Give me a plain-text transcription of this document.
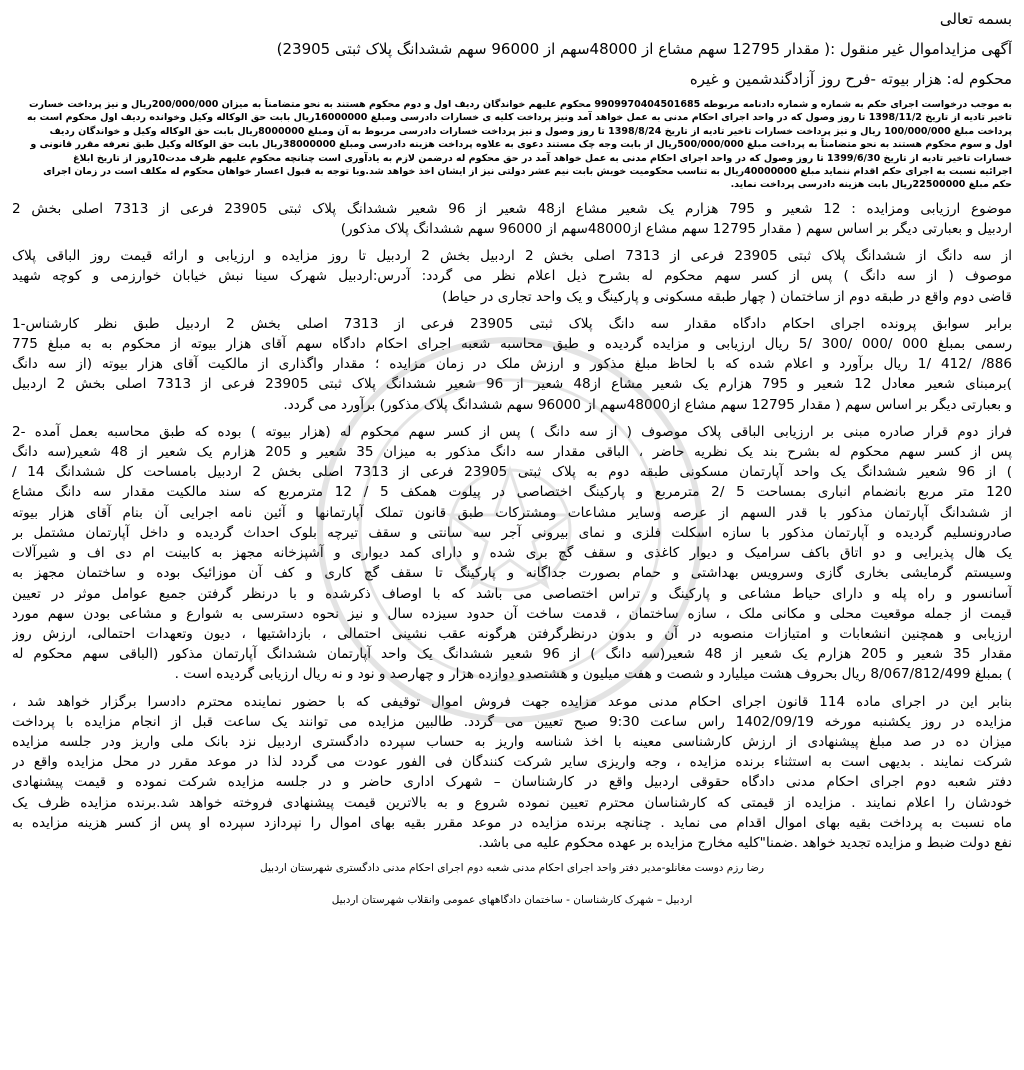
بسمه تعالی
آگهی مزایداموال غیر منقول :( مقدار 12795 سهم مشاع از 48000سهم از 96000 سهم ششدانگ پلاک ثبتی 23905)
محکوم له: هزار بیوته -فرح روز آزادگندشمین و غیره
به موجب درخواست اجرای حکم به شماره و شماره دادنامه مربوطه 9909970404501685 محکوم علیهم خواندگان ردیف اول و دوم محکوم هستند به نحو متضامناً به میزان 200/000/000ریال و نیز پرداخت خسارت
تاخیر تادیه از تاریخ 1398/11/2 تا روز وصول که در واحد اجرای احکام مدنی به عمل خواهد آمد ونیز پرداخت کلیه ی خسارات دادرسی ومبلغ 16000000ریال بابت حق الوکاله وکیل وخوانده ردیف اول محکوم است به
پرداخت مبلغ 100/000/000 ریال و نیز پرداخت خسارات تاخیر تادیه از تاریخ 1398/8/24 تا روز وصول و نیز پرداخت خسارات دادرسی مربوط به آن ومبلغ 8000000ریال بابت حق الوکاله وکیل و خواندگان ردیف
اول و سوم محکوم هستند به نحو متضامناً به پرداخت مبلغ 500/000/000ریال از بابت وجه چک مستند دعوی به علاوه پرداخت هزینه دادرسی ومبلغ 38000000ریال بابت حق الوکاله وکیل طبق تعرفه مقرر قانونی و
خسارات تاخیر تادیه از تاریخ 1399/6/30 تا روز وصول که در واحد اجرای احکام مدنی به عمل خواهد آمد در حق محکوم له درضمن لازم به یادآوری است چنانچه محکوم علیهم ظرف مدت10روز از تاریخ ابلاغ
اجرائیه نسبت به اجرای حکم اقدام ننماید مبلغ 40000000ریال به تناسب محکومیت خویش بابت نیم عشر دولتی نیز از ایشان اخذ خواهد شد.وبا توجه به قبول اعسار خواهان محکوم له مکلف است در زمان اجرای
حکم مبلغ 22500000ریال بابت هزینه دادرسی پرداخت نماید.
موضوع ارزیابی ومزایده : 12 شعیر و 795 هزارم یک شعیر مشاع از48 شعیر از 96 شعیر ششدانگ پلاک ثبتی 23905 فرعی از 7313 اصلی بخش 2
اردبیل و بعبارتی دیگر بر اساس سهم ( مقدار 12795 سهم مشاع از48000سهم از 96000 سهم ششدانگ پلاک مذکور)
از سه دانگ از ششدانگ پلاک ثبتی 23905 فرعی از 7313 اصلی بخش 2 اردبیل بخش 2 اردبیل تا روز مزایده و ارزیابی و ارائه قیمت روز الباقی پلاک
موصوف ( از سه دانگ ) پس از کسر سهم محکوم له بشرح ذیل اعلام نظر می گردد: آدرس:اردبیل شهرک سینا نبش خیابان خوارزمی و کوچه شهید
قاضی دوم واقع در طبقه دوم از ساختمان ( چهار طبقه مسکونی و پارکینگ و یک واحد تجاری در حیاط)
برابر سوابق پرونده اجرای احکام دادگاه مقدار سه دانگ پلاک ثبتی 23905 فرعی از 7313 اصلی بخش 2 اردبیل طبق نظر کارشناس-1
رسمی بمبلغ 000 /000 /300 /5 ریال ارزیابی و مزایده گردیده و طبق محاسبه شعبه اجرای احکام دادگاه سهم آقای هزار بیوته از محکوم به به مبلغ 775
886/ /412 /1 ریال برآورد و اعلام شده که با لحاظ مبلغ مذکور و ارزش ملک در زمان مزایده ؛ مقدار واگذاری از مالکیت آقای هزار بیوته (از سه دانگ
)برمبنای شعیر معادل 12 شعیر و 795 هزارم یک شعیر مشاع از48 شعیر از 96 شعیر ششدانگ پلاک ثبتی 23905 فرعی از 7313 اصلی بخش 2 اردبیل
و بعبارتی دیگر بر اساس سهم ( مقدار 12795 سهم مشاع از48000سهم از 96000 سهم ششدانگ پلاک مذکور) برآورد می گردد.
فراز دوم قرار صادره مبنی بر ارزیابی الباقی پلاک موصوف ( از سه دانگ ) پس از کسر سهم محکوم له (هزار بیوته ) بوده که طبق محاسبه بعمل آمده -2
پس از کسر سهم محکوم له بشرح بند یک نظریه حاضر ، الباقی مقدار سه دانگ مذکور به میزان 35 شعیر و 205 هزارم یک شعیر از 48 شعیر(سه دانگ
) از 96 شعیر ششدانگ یک واحد آپارتمان مسکونی طبقه دوم به پلاک ثبتی 23905 فرعی از 7313 اصلی بخش 2 اردبیل بامساحت کل ششدانگ 14 /
120 متر مربع بانضمام انباری بمساحت 5 /2 مترمربع و پارکینگ اختصاصی در پیلوت همکف 5 / 12 مترمربع که سند مالکیت مقدار سه دانگ مشاع
از ششدانگ آپارتمان مذکور با قدر السهم از عرصه وسایر مشاعات ومشترکات طبق قانون تملک آپارتمانها و آئین نامه اجرایی آن بنام آقای هزار بیوته
صادرونسلیم گردیده و آپارتمان مذکور با سازه اسکلت فلزی و نمای بیرونی آجر سه سانتی و سقف تیرچه بلوک احداث گردیده و داخل آپارتمان مشتمل بر
یک هال پذیرایی و دو اتاق باکف سرامیک و دیوار کاغذی و سقف گچ بری شده و دارای کمد دیواری و آشپزخانه مجهز به کابینت ام دی اف و شیرآلات
وسیستم گرمایشی بخاری گازی وسرویس بهداشتی و حمام بصورت جداگانه و پارکینگ تا سقف گچ کاری و کف آن موزائیک بوده و ساختمان مجهز به
آسانسور و راه پله و دارای حیاط مشاعی و پارکینگ و تراس اختصاصی می باشد که با اوصاف ذکرشده و با درنظر گرفتن جمیع عوامل موثر در تعیین
قیمت از جمله موقعیت محلی و مکانی ملک ، سازه ساختمان ، قدمت ساخت آن حدود سیزده سال و نیز نحوه دسترسی به شوارع و مشاعی بودن سهم مورد
ارزیابی و همچنین انشعابات و امتیازات منصوبه در آن و بدون درنظرگرفتن هرگونه عقب نشینی احتمالی ، بازداشتیها ، دیون وتعهدات احتمالی، ارزش روز
مقدار 35 شعیر و 205 هزارم یک شعیر از 48 شعیر(سه دانگ ) از 96 شعیر ششدانگ یک واحد آپارتمان ششدانگ آپارتمان مذکور (الباقی سهم محکوم له
) بمبلغ 8/067/812/499 ریال بحروف هشت میلیارد و شصت و هفت میلیون و هشتصدو دوازده هزار و چهارصد و نود و نه ریال ارزیابی گردیده است .
بنابر این در اجرای ماده 114 قانون اجرای احکام مدنی موعد مزایده جهت فروش اموال توقیفی که با حضور نماینده محترم دادسرا برگزار خواهد شد ،
مزایده در روز یکشنبه مورخه 1402/09/19 راس ساعت 9:30 صبح تعیین می گردد. طالبین مزایده می توانند یک ساعت قبل از انجام مزایده با پرداخت
میزان ده در صد مبلغ پیشنهادی از ارزش کارشناسی معینه با اخذ شناسه واریز به حساب سپرده دادگستری اردبیل نزد بانک ملی واریز ودر جلسه مزایده
شرکت نمایند . بدیهی است به استثناء برنده مزایده ، وجه واریزی سایر شرکت کنندگان فی الفور عودت می گردد لذا در موعد مقرر در محل مزایده واقع در
دفتر شعبه دوم اجرای احکام مدنی دادگاه حقوقی اردبیل واقع در کارشناسان – شهرک اداری حاضر و در جلسه مزایده شرکت نموده و قیمت پیشنهادی
خودشان را اعلام نمایند . مزایده از قیمتی که کارشناسان محترم تعیین نموده شروع و به بالاترین قیمت پیشنهادی فروخته خواهد شد.برنده مزایده ظرف یک
ماه نسبت به پرداخت بقیه بهای اموال اقدام می نماید . چنانچه برنده مزایده در موعد مقرر بقیه بهای اموال را نپردازد سپرده او پس از کسر هزینه مزایده به
نفع دولت ضبط و مزایده تجدید خواهد .ضمنا"کلیه مخارج مزایده بر عهده محکوم علیه می باشد.
رضا رزم دوست مغانلو-مدیر دفتر واحد اجرای احکام مدنی شعبه دوم اجرای احکام مدنی دادگستری شهرستان اردبیل
اردبیل – شهرک کارشناسان - ساختمان دادگاههای عمومی وانقلاب شهرستان اردبیل
